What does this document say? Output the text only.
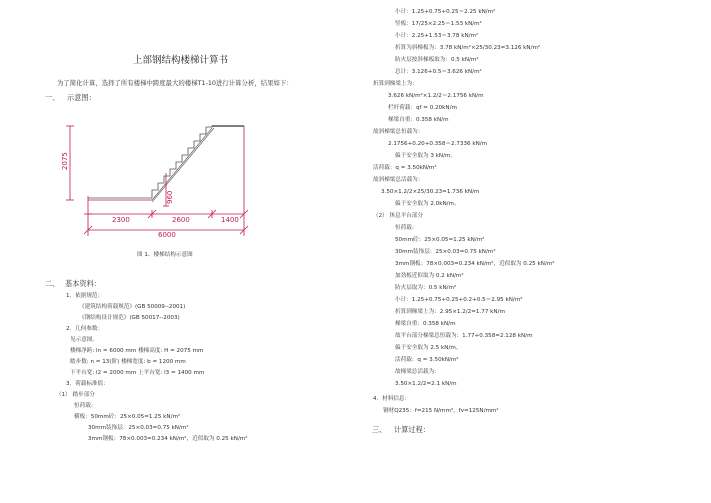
上部钢结构楼梯计算书
为了简化计算，选择了所有楼梯中跨度最大的楼梯T1-10进行计算分析，结果如下：
一、 示意图：
2075
960
2300	2600	1400
6000
图 1、楼梯结构示意图
二、 基本资料：
1．依据规范：
《建筑结构荷载规范》(GB 50009--2001)
《钢结构设计规范》(GB 50017--2003)
2．几何参数：
见示意图。
楼梯净跨: ln = 6000 mm 楼梯高度: H = 2075 mm
踏步数: n = 13(阶) 楼梯宽度: b = 1200 mm
下平台宽: l2 = 2000 mm 上平台宽: l3 = 1400 mm
3．荷载标准值：
（1） 踏步部分
恒荷载：
横板：50mm砼：25×0.05=1.25 kN/m²
30mm装饰层：25×0.03=0.75 kN/m²
3mm钢板：78×0.003=0.234 kN/m²，近似取为 0.25 kN/m²
小计：1.25+0.75+0.25＝2.25 kN/m²
竖板：17/25×2.25＝1.53 kN/m²
小计：2.25+1.53＝3.78 kN/m²
折算为斜梯板为：3.78 kN/m²×25/30.23=3.126 kN/m²
防火层按斜梯板取为：0.5 kN/m²
总计：3.126+0.5＝3.626 kN/m²
折算到梯梁上为：
3.626 kN/m²×1.2/2＝2.1756 kN/m
栏杆荷载：qf = 0.20kN/m
梯梁自重：0.358 kN/m
故斜梯梁总恒载为：
2.1756+0.20+0.358＝2.7336 kN/m
偏于安全取为 3 kN/m。
活荷载：q = 3.50kN/m²
故斜梯梁总活载为：
3.50×1.2/2×25/30.23=1.736 kN/m
偏于安全取为 2.0kN/m。
（2） 休息平台部分
恒荷载：
50mm砼：25×0.05=1.25 kN/m²
30mm装饰层：25×0.03=0.75 kN/m²
3mm钢板：78×0.003=0.234 kN/m²，近似取为 0.25 kN/m²
加劲板近似取为 0.2 kN/m²
防火层取为：0.5 kN/m²
小计：1.25+0.75+0.25+0.2+0.5＝2.95 kN/m²
折算到梯梁上为：2.95×1.2/2=1.77 kN/m
梯梁自重：0.358 kN/m
故平台部分梯梁总恒载为：1.77+0.358=2.128 kN/m
偏于安全取为 2.5 kN/m。
活荷载：q = 3.50kN/m²
故梯梁总活载为：
3.50×1.2/2=2.1 kN/m
4．材料信息：
钢材Q235：f=215 N/mm²，fv=125N/mm²
三、 计算过程：
